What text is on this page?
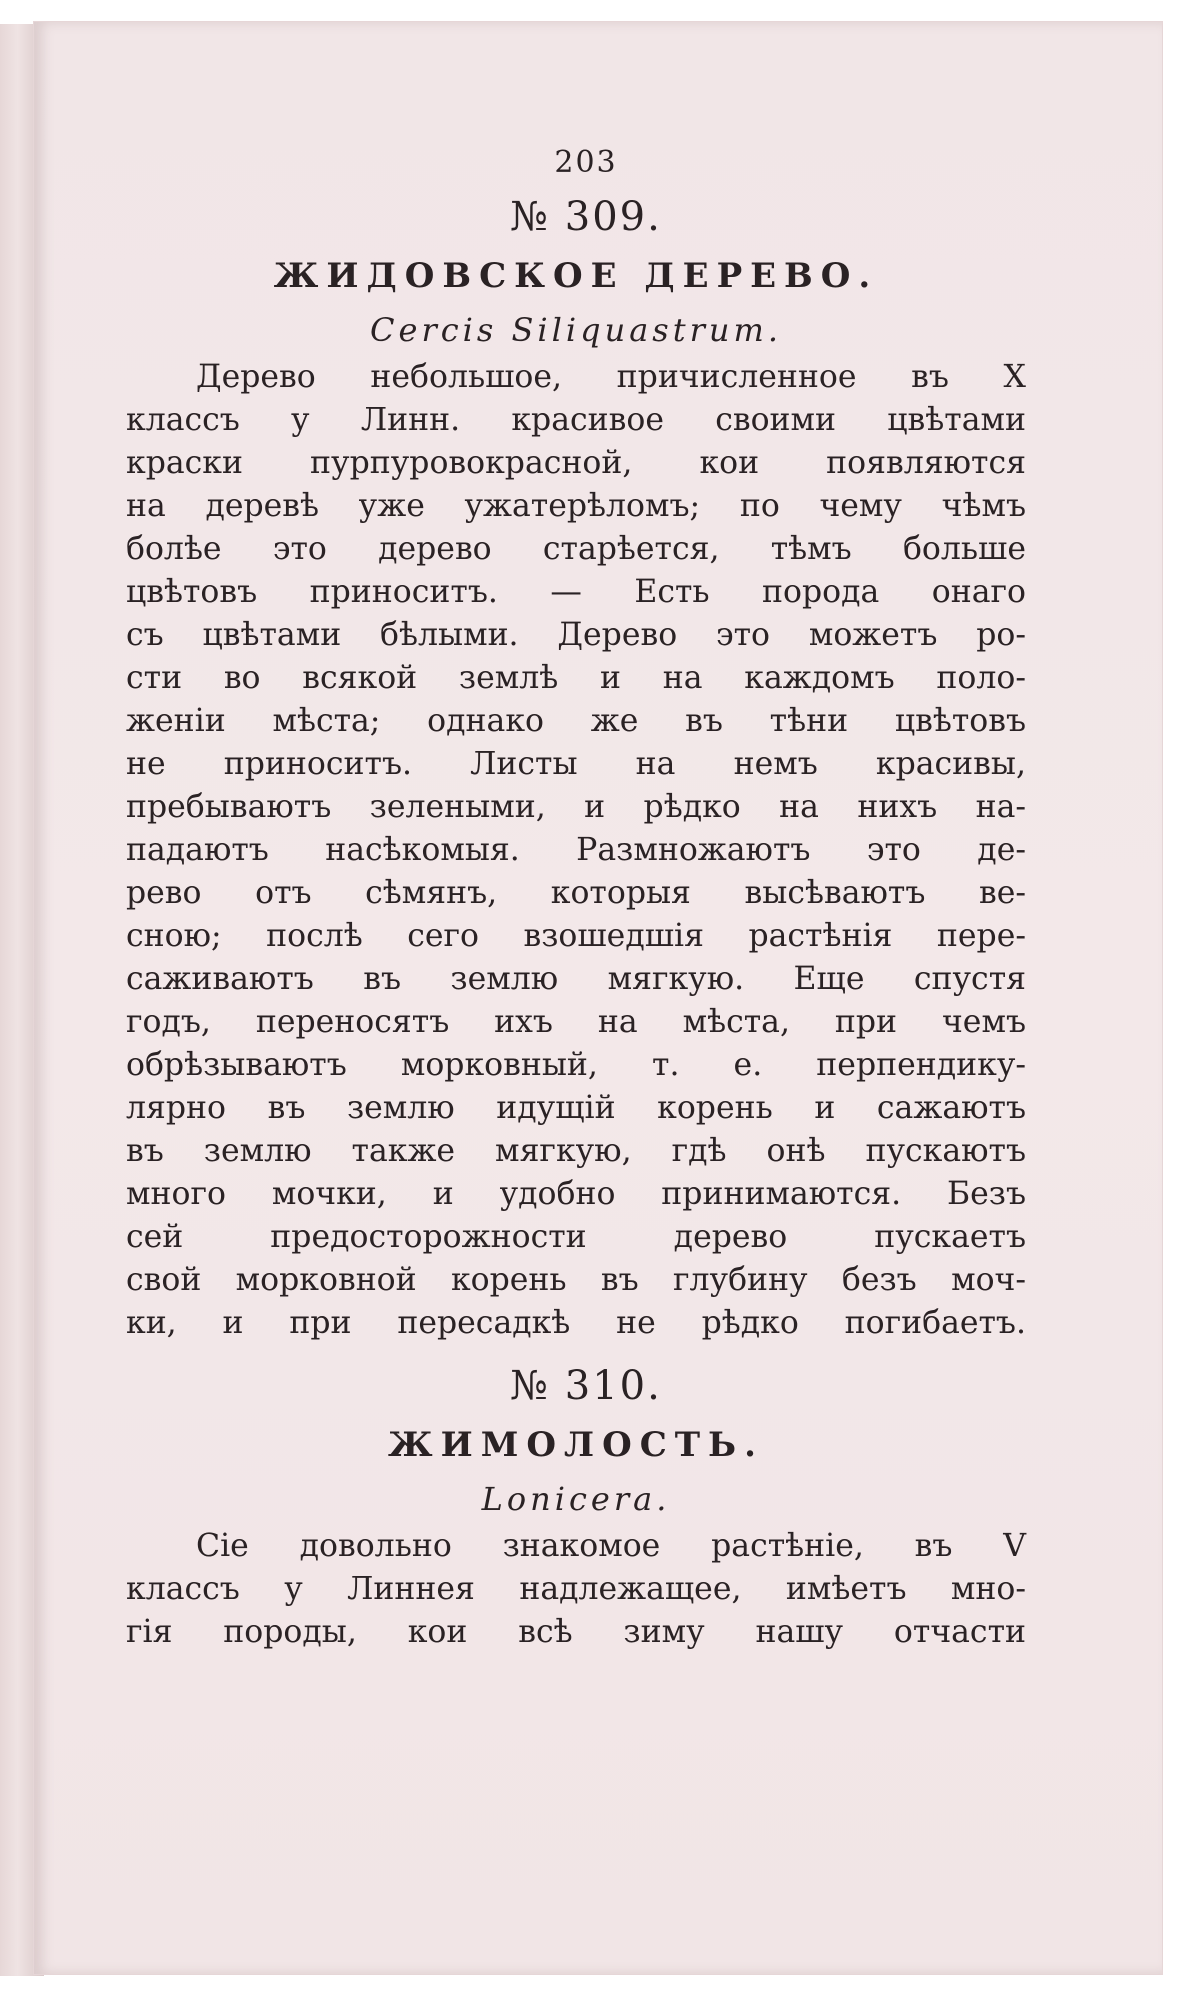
203
№ 309.
ЖИДОВСКОЕ ДЕРЕВО.
Cercis Siliquastrum.
Дерево небольшое, причисленное въ X
классъ у Линн. красивое своими цвѣтами
краски пурпуровокрасной, кои появляются
на деревѣ уже ужатерѣломъ; по чему чѣмъ
болѣе это дерево старѣется, тѣмъ больше
цвѣтовъ приноситъ. — Есть порода онаго
съ цвѣтами бѣлыми. Дерево это можетъ ро-
сти во всякой землѣ и на каждомъ поло-
женіи мѣста; однако же въ тѣни цвѣтовъ
не приноситъ. Листы на немъ красивы,
пребываютъ зелеными, и рѣдко на нихъ на-
падаютъ насѣкомыя. Размножаютъ это де-
рево отъ сѣмянъ, которыя высѣваютъ ве-
сною; послѣ сего взошедшія растѣнія пере-
саживаютъ въ землю мягкую. Еще спустя
годъ, переносятъ ихъ на мѣста, при чемъ
обрѣзываютъ морковный, т. е. перпендику-
лярно въ землю идущій корень и сажаютъ
въ землю также мягкую, гдѣ онѣ пускаютъ
много мочки, и удобно принимаются. Безъ
сей предосторожности дерево пускаетъ
свой морковной корень въ глубину безъ моч-
ки, и при пересадкѣ не рѣдко погибаетъ.
№ 310.
ЖИМОЛОСТЬ.
Lonicera.
Сіе довольно знакомое растѣніе, въ V
классъ у Линнея надлежащее, имѣетъ мно-
гія породы, кои всѣ зиму нашу отчасти
